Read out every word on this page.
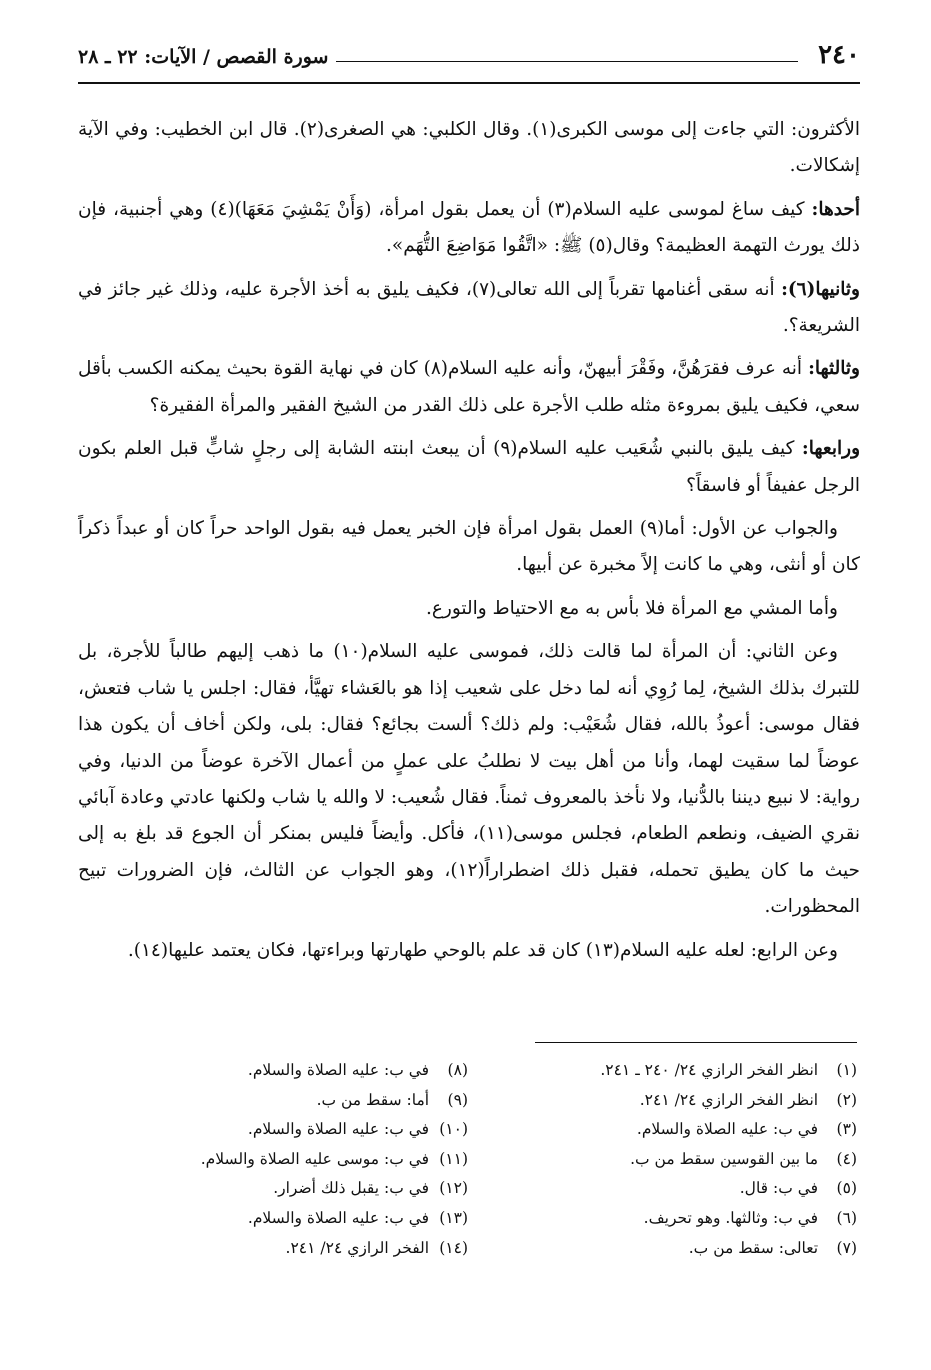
٢٤٠
سورة القصص / الآيات: ٢٢ ـ ٢٨

الأكثرون: التي جاءت إلى موسى الكبرى(١). وقال الكلبي: هي الصغرى(٢). قال ابن الخطيب: وفي الآية إشكالات.

أحدها: كيف ساغ لموسى عليه السلام(٣) أن يعمل بقول امرأة، (وَأَنْ يَمْشِيَ مَعَهَا)(٤) وهي أجنبية، فإن ذلك يورث التهمة العظيمة؟ وقال(٥) ﷺ: «اتَّقُوا مَوَاضِعَ التُّهَم».

وثانيها(٦): أنه سقى أغنامها تقرباً إلى الله تعالى(٧)، فكيف يليق به أخذ الأجرة عليه، وذلك غير جائز في الشريعة؟.

وثالثها: أنه عرف فقرَهُنَّ، وفَقْرَ أبيهنّ، وأنه عليه السلام(٨) كان في نهاية القوة بحيث يمكنه الكسب بأقل سعي، فكيف يليق بمروءة مثله طلب الأجرة على ذلك القدر من الشيخ الفقير والمرأة الفقيرة؟

ورابعها: كيف يليق بالنبي شُعَيب عليه السلام(٩) أن يبعث ابنته الشابة إلى رجلٍ شابٍّ قبل العلم بكون الرجل عفيفاً أو فاسقاً؟

والجواب عن الأول: أما(٩) العمل بقول امرأة فإن الخبر يعمل فيه بقول الواحد حراً كان أو عبداً ذكراً كان أو أنثى، وهي ما كانت إلاً مخبرة عن أبيها.

وأما المشي مع المرأة فلا بأس به مع الاحتياط والتورع.

وعن الثاني: أن المرأة لما قالت ذلك، فموسى عليه السلام(١٠) ما ذهب إليهم طالباً للأجرة، بل للتبرك بذلك الشيخ، لِما رُوِي أنه لما دخل على شعيب إذا هو بالعَشاء تهيَّأ، فقال: اجلس يا شاب فتعش، فقال موسى: أعوذُ بالله، فقال شُعَيْب: ولم ذلك؟ ألست بجائع؟ فقال: بلى، ولكن أخاف أن يكون هذا عوضاً لما سقيت لهما، وأنا من أهل بيت لا نطلبُ على عملٍ من أعمال الآخرة عوضاً من الدنيا، وفي رواية: لا نبيع ديننا بالدُّنيا، ولا نأخذ بالمعروف ثمناً. فقال شُعيب: لا والله يا شاب ولكنها عادتي وعادة آبائي نقري الضيف، ونطعم الطعام، فجلس موسى(١١)، فأكل. وأيضاً فليس بمنكر أن الجوع قد بلغ به إلى حيث ما كان يطيق تحمله، فقبل ذلك اضطراراً(١٢)، وهو الجواب عن الثالث، فإن الضرورات تبيح المحظورات.

وعن الرابع: لعله عليه السلام(١٣) كان قد علم بالوحي طهارتها وبراءتها، فكان يعتمد عليها(١٤).

(١) انظر الفخر الرازي ٢٤/ ٢٤٠ ـ ٢٤١.
(٢) انظر الفخر الرازي ٢٤/ ٢٤١.
(٣) في ب: عليه الصلاة والسلام.
(٤) ما بين القوسين سقط من ب.
(٥) في ب: قال.
(٦) في ب: وثالثها. وهو تحريف.
(٧) تعالى: سقط من ب.
(٨) في ب: عليه الصلاة والسلام.
(٩) أما: سقط من ب.
(١٠) في ب: عليه الصلاة والسلام.
(١١) في ب: موسى عليه الصلاة والسلام.
(١٢) في ب: يقبل ذلك أضرار.
(١٣) في ب: عليه الصلاة والسلام.
(١٤) الفخر الرازي ٢٤/ ٢٤١.
